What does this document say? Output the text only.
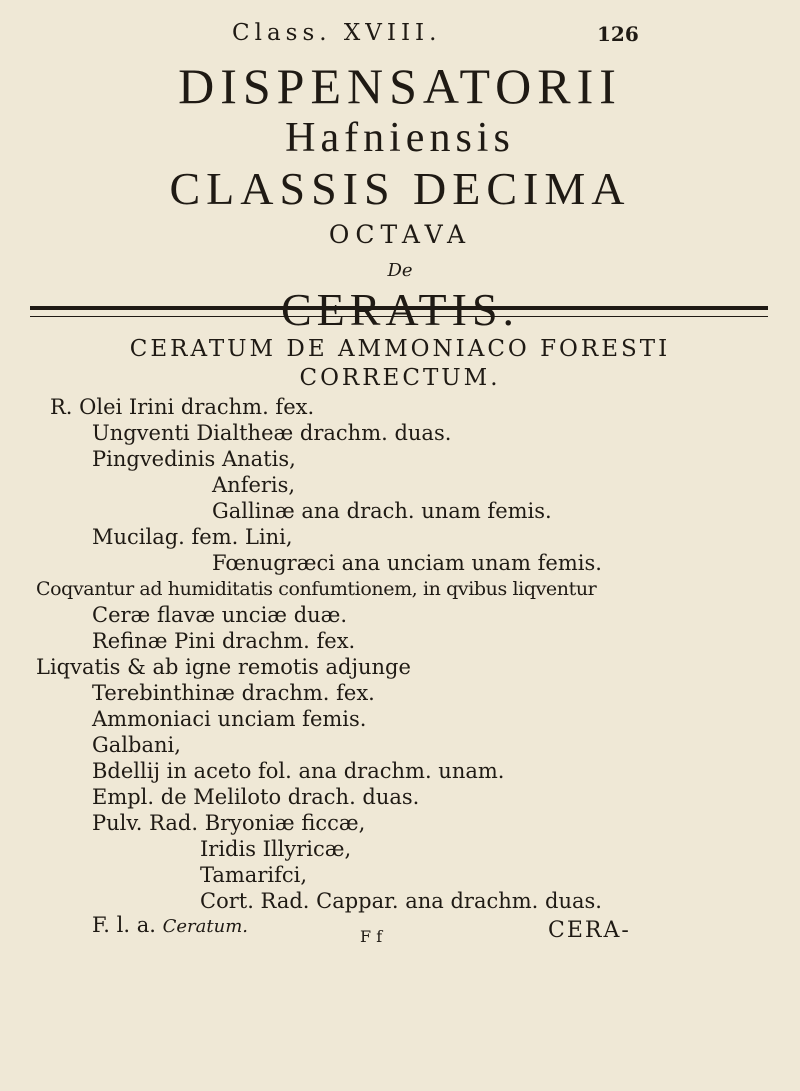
Class. XVIII.	126
DISPENSATORII
Hafniensis
CLASSIS DECIMA
OCTAVA
De
CERATIS.
CERATUM DE AMMONIACO FORESTI
CORRECTUM.
R. Olei Irini drachm. fex.
Ungventi Dialtheæ drachm. duas.
Pingvedinis Anatis,
Anferis,
Gallinæ ana drach. unam femis.
Mucilag. fem. Lini,
Fœnugræci ana unciam unam femis.
Coqvantur ad humiditatis confumtionem, in qvibus liqventur
Ceræ flavæ unciæ duæ.
Refinæ Pini drachm. fex.
Liqvatis & ab igne remotis adjunge
Terebinthinæ drachm. fex.
Ammoniaci unciam femis.
Galbani,
Bdellij in aceto fol. ana drachm. unam.
Empl. de Meliloto drach. duas.
Pulv. Rad. Bryoniæ ficcæ,
Iridis Illyricæ,
Tamarifci,
Cort. Rad. Cappar. ana drachm. duas.
F. l. a. Ceratum.	F f	CERA-
